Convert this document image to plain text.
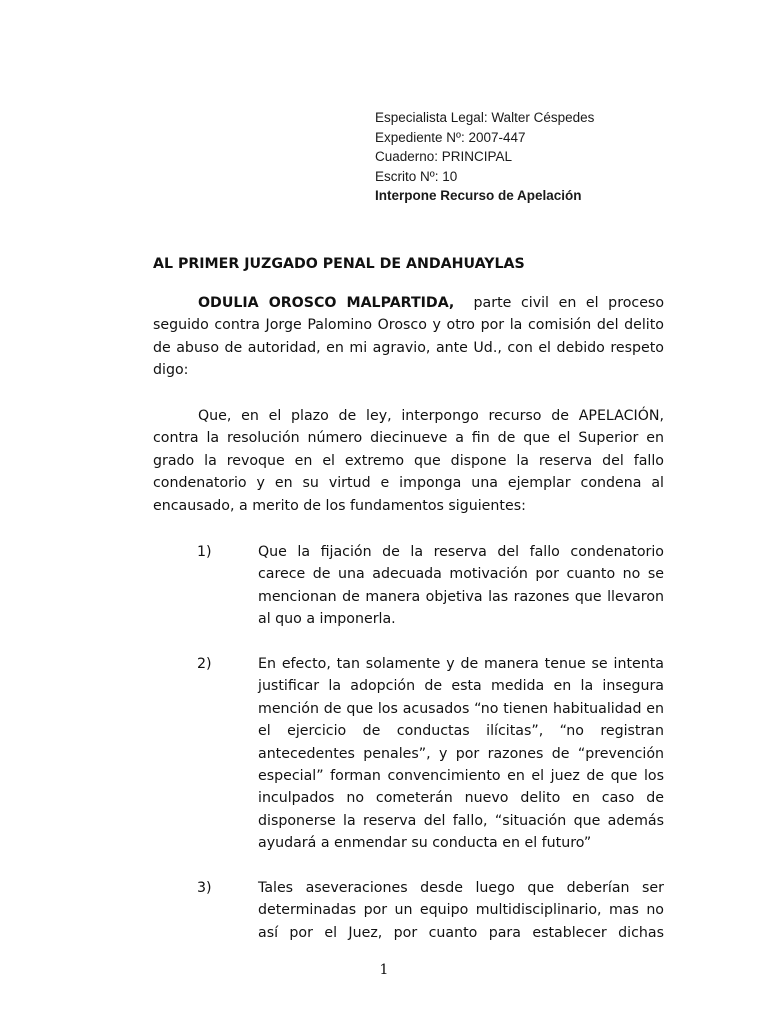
Especialista Legal: Walter Céspedes
Expediente Nº: 2007-447
Cuaderno: PRINCIPAL
Escrito Nº: 10
Interpone Recurso de Apelación
AL PRIMER JUZGADO PENAL DE ANDAHUAYLAS
ODULIA OROSCO MALPARTIDA,  parte civil en el proceso seguido contra Jorge Palomino Orosco y otro por la comisión del delito de abuso de autoridad, en mi agravio, ante Ud., con el debido respeto digo:
Que, en el plazo de ley, interpongo recurso de APELACIÓN, contra la resolución número diecinueve a fin de que el Superior en grado la revoque en el extremo que dispone la reserva del fallo condenatorio y en su virtud e imponga una ejemplar condena al encausado, a merito de los fundamentos siguientes:
1)	Que la fijación de la reserva del fallo condenatorio carece de una adecuada motivación por cuanto no se mencionan de manera objetiva las razones que llevaron al quo a imponerla.
2)	En efecto, tan solamente y de manera tenue se intenta justificar la adopción de esta medida en la insegura mención de que los acusados “no tienen habitualidad en el ejercicio de conductas ilícitas”, “no registran antecedentes penales”, y por razones de “prevención especial” forman convencimiento en el juez de que los inculpados no cometerán nuevo delito en caso de disponerse la reserva del fallo, “situación que además ayudará a enmendar su conducta en el futuro”
3)	Tales aseveraciones desde luego que deberían ser determinadas por un equipo multidisciplinario, mas no así por el Juez, por cuanto para establecer dichas
1
